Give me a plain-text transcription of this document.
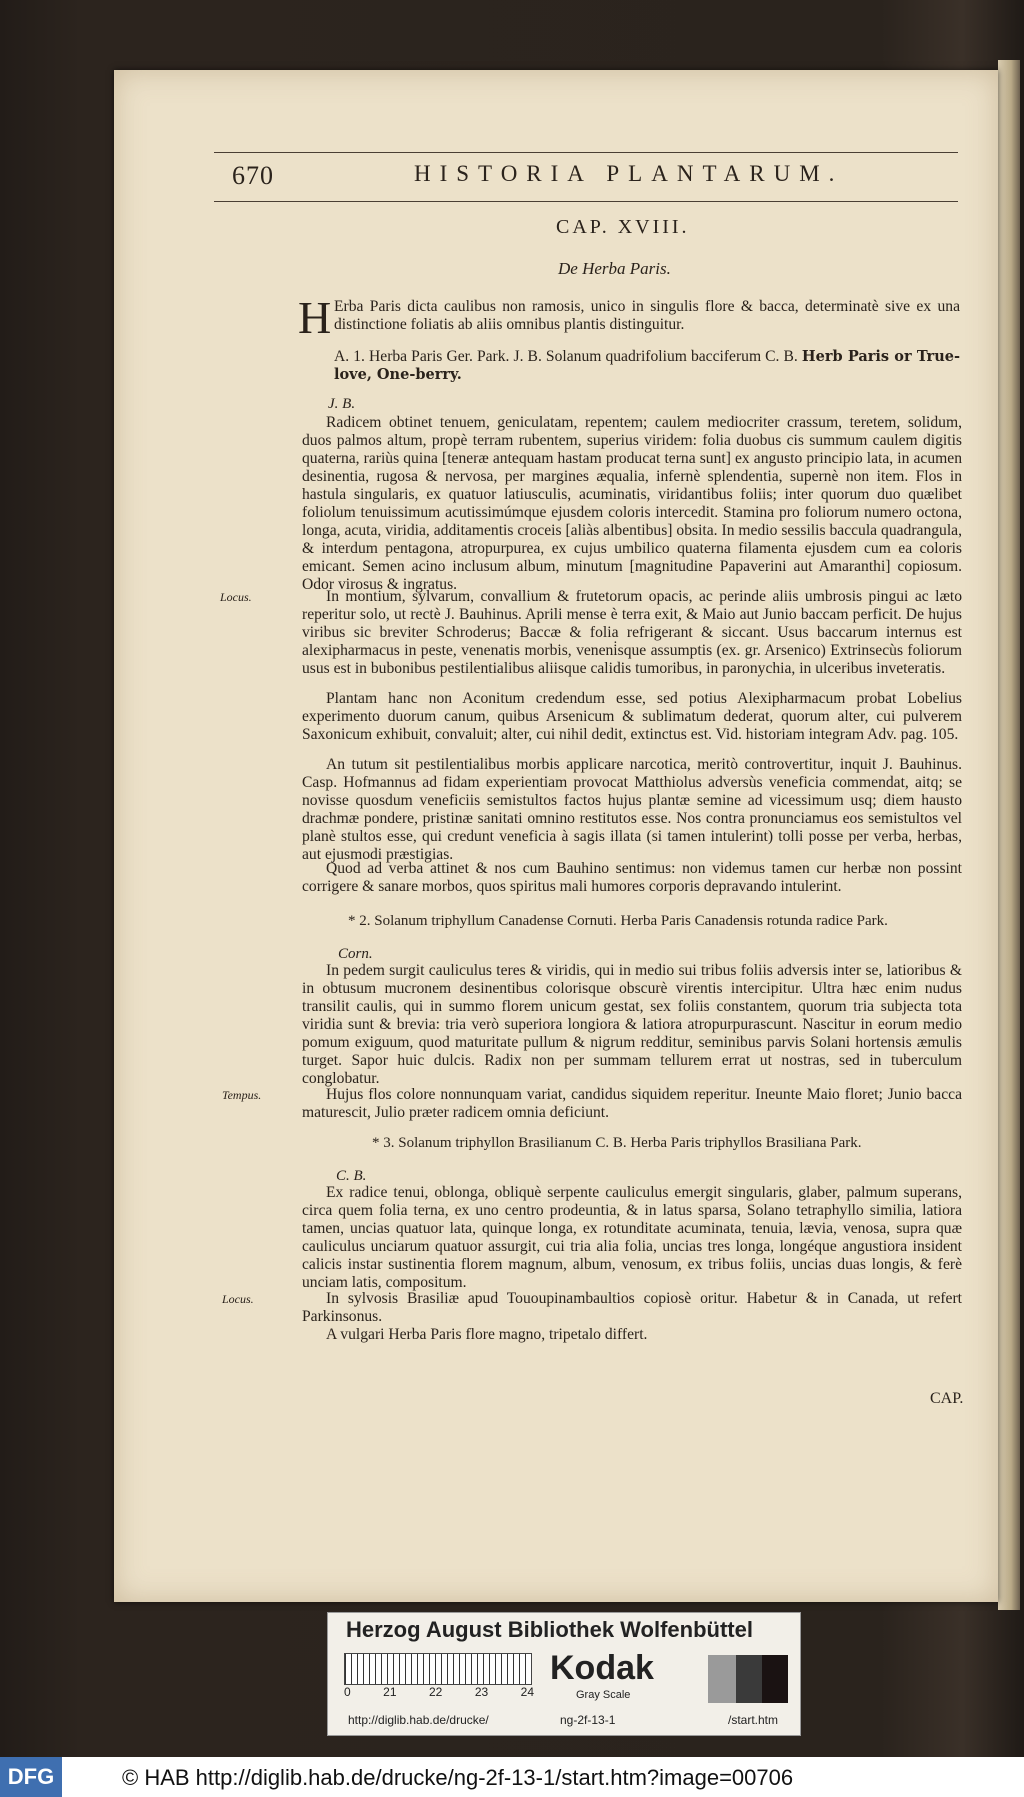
670	HISTORIA PLANTARUM.
CAP. XVIII.
De Herba Paris.
H Erba Paris dicta caulibus non ramosis, unico in singulis flore & bacca, determinatè sive ex una distinctione foliatis ab aliis omnibus plantis distinguitur.
A. 1. Herba Paris Ger. Park. J. B. Solanum quadrifolium bacciferum C. B. Herb Paris or True-love, One-berry.
J. B.
Radicem obtinet tenuem, geniculatam, repentem; caulem mediocriter crassum, teretem, solidum, duos palmos altum, propè terram rubentem, superius viridem: folia duobus cis summum caulem digitis quaterna, rariùs quina [teneræ antequam hastam producat terna sunt] ex angusto principio lata, in acumen desinentia, rugosa & nervosa, per margines æqualia, infernè splendentia, supernè non item. Flos in hastula singularis, ex quatuor latiusculis, acuminatis, viridantibus foliis; inter quorum duo quælibet foliolum tenuissimum acutissimúmque ejusdem coloris intercedit. Stamina pro foliorum numero octona, longa, acuta, viridia, additamentis croceis [aliàs albentibus] obsita. In medio sessilis baccula quadrangula, & interdum pentagona, atropurpurea, ex cujus umbilico quaterna filamenta ejusdem cum ea coloris emicant. Semen acino inclusum album, minutum [magnitudine Papaverini aut Amaranthi] copiosum. Odor virosus & ingratus.
Locus.	In montium, sylvarum, convallium & frutetorum opacis, ac perinde aliis umbrosis pingui ac læto reperitur solo, ut rectè J. Bauhinus. Aprili mense è terra exit, & Maio aut Junio baccam perficit. De hujus viribus sic breviter Schroderus; Baccæ & folia refrigerant & siccant. Usus baccarum internus est alexipharmacus in peste, venenatis morbis, veneni̇sque assumptis (ex. gr. Arsenico) Extrinsecùs foliorum usus est in bubonibus pestilentialibus aliisque calidis tumoribus, in paronychia, in ulceribus inveteratis.
Plantam hanc non Aconitum credendum esse, sed potius Alexipharmacum probat Lobelius experimento duorum canum, quibus Arsenicum & sublimatum dederat, quorum alter, cui pulverem Saxonicum exhibuit, convaluit; alter, cui nihil dedit, extinctus est. Vid. historiam integram Adv. pag. 105.
An tutum sit pestilentialibus morbis applicare narcotica, meritò controvertitur, inquit J. Bauhinus. Casp. Hofmannus ad fidam experientiam provocat Matthiolus adversùs veneficia commendat, aitq; se novisse quosdum veneficiis semistultos factos hujus plantæ semine ad vicessimum usq; diem hausto drachmæ pondere, pristinæ sanitati omnino restitutos esse. Nos contra pronunciamus eos semistultos vel planè stultos esse, qui credunt veneficia à sagis illata (si tamen intulerint) tolli posse per verba, herbas, aut ejusmodi præstigias.
Quod ad verba attinet & nos cum Bauhino sentimus: non videmus tamen cur herbæ non possint corrigere & sanare morbos, quos spiritus mali humores corporis depravando intulerint.
* 2. Solanum triphyllum Canadense Cornuti. Herba Paris Canadensis rotunda radice Park.
Corn.
In pedem surgit cauliculus teres & viridis, qui in medio sui tribus foliis adversis inter se, latioribus & in obtusum mucronem desinentibus colorisque obscurè virentis intercipitur. Ultra hæc enim nudus transilit caulis, qui in summo florem unicum gestat, sex foliis constantem, quorum tria subjecta tota viridia sunt & brevia: tria verò superiora longiora & latiora atropurpurascunt. Nascitur in eorum medio pomum exiguum, quod maturitate pullum & nigrum redditur, seminibus parvis Solani hortensis æmulis turget. Sapor huic dulcis. Radix non per summam tellurem errat ut nostras, sed in tuberculum conglobatur.
Tempus.	Hujus flos colore nonnunquam variat, candidus siquidem reperitur. Ineunte Maio floret; Junio bacca maturescit, Julio præter radicem omnia deficiunt.
* 3. Solanum triphyllon Brasilianum C. B. Herba Paris triphyllos Brasiliana Park.
C. B.
Ex radice tenui, oblonga, obliquè serpente cauliculus emergit singularis, glaber, palmum superans, circa quem folia terna, ex uno centro prodeuntia, & in latus sparsa, Solano tetraphyllo similia, latiora tamen, uncias quatuor lata, quinque longa, ex rotunditate acuminata, tenuia, lævia, venosa, supra quæ cauliculus unciarum quatuor assurgit, cui tria alia folia, uncias tres longa, longéque angustiora insident calicis instar sustinentia florem magnum, album, venosum, ex tribus foliis, uncias duas longis, & ferè unciam latis, compositum.
Locus.	In sylvosis Brasiliæ apud Tououpinambaultios copiosè oritur. Habetur & in Canada, ut refert Parkinsonus.
A vulgari Herba Paris flore magno, tripetalo differt.
CAP.
Herzog August Bibliothek Wolfenbüttel
0	21	22	23	24
Kodak
Gray Scale
http://diglib.hab.de/drucke/	ng-2f-13-1	/start.htm
DFG	© HAB http://diglib.hab.de/drucke/ng-2f-13-1/start.htm?image=00706
